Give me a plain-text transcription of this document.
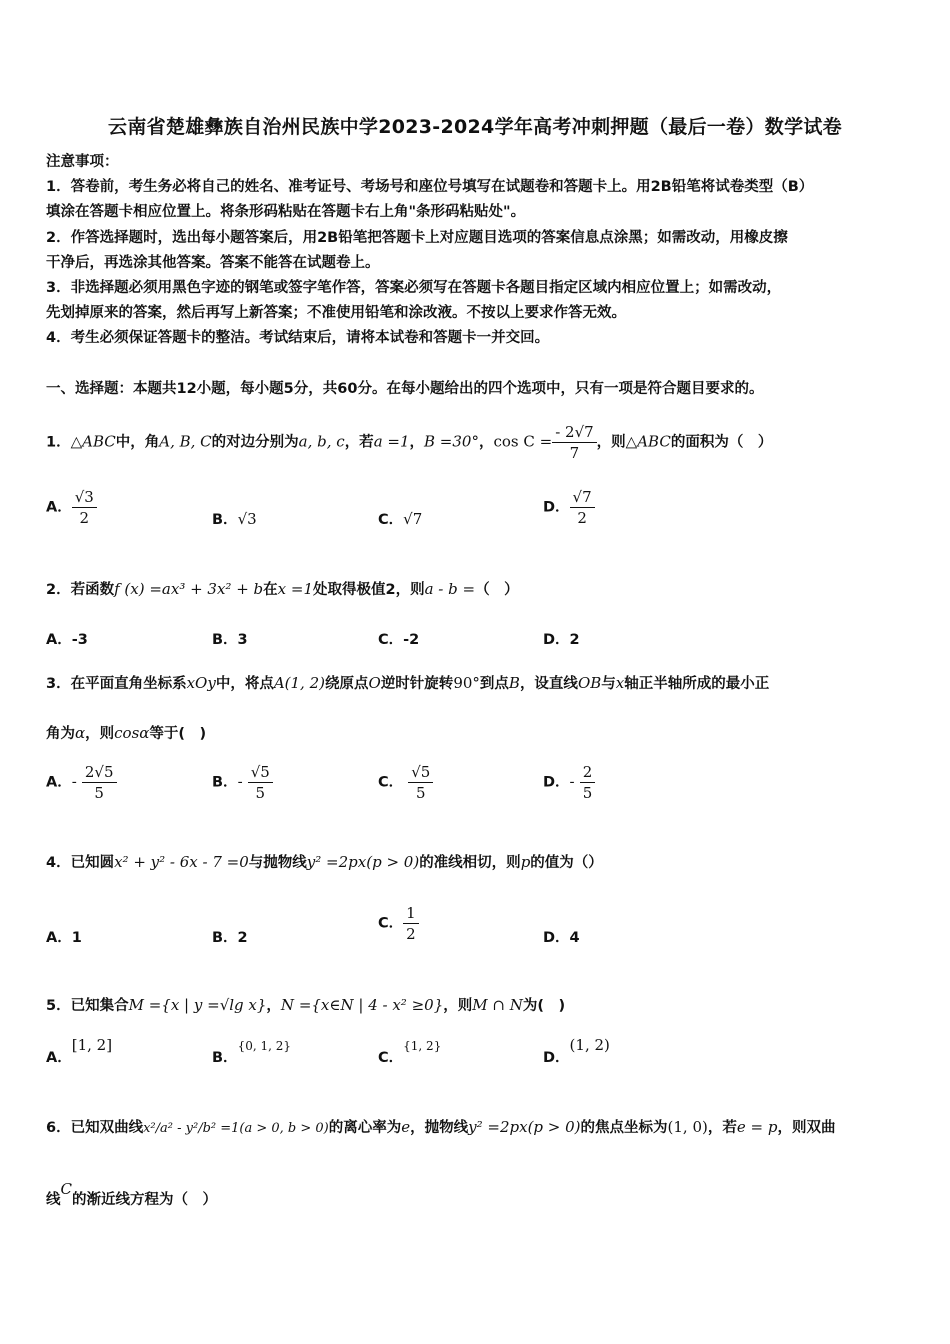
云南省楚雄彝族自治州民族中学2023-2024学年高考冲刺押题（最后一卷）数学试卷
注意事项：
1．答卷前，考生务必将自己的姓名、准考证号、考场号和座位号填写在试题卷和答题卡上。用2B铅笔将试卷类型（B）
填涂在答题卡相应位置上。将条形码粘贴在答题卡右上角"条形码粘贴处"。
2．作答选择题时，选出每小题答案后，用2B铅笔把答题卡上对应题目选项的答案信息点涂黑；如需改动，用橡皮擦
干净后，再选涂其他答案。答案不能答在试题卷上。
3．非选择题必须用黑色字迹的钢笔或签字笔作答，答案必须写在答题卡各题目指定区域内相应位置上；如需改动，
先划掉原来的答案，然后再写上新答案；不准使用铅笔和涂改液。不按以上要求作答无效。
4．考生必须保证答题卡的整洁。考试结束后，请将本试卷和答题卡一并交回。
一、选择题：本题共12小题，每小题5分，共60分。在每小题给出的四个选项中，只有一项是符合题目要求的。
1．△ABC中，角A, B, C的对边分别为a, b, c，若a =1，B =30°，$\cos C = \frac{- 2√7}{7}$ ，则△ABC的面积为（　）
A． $\frac{√3}{2}$	B．√3	C．√7
D． $\frac{√7}{2}$
2．若函数f (x) =ax³ + 3x² + b在x =1处取得极值2，则a - b =（　）
A．-3	B．3	C．-2	D．2
3．在平面直角坐标系xOy中，将点A(1, 2)绕原点O逆时针旋转90°到点B，设直线OB与x轴正半轴所成的最小正
角为α，则cosα等于(　)
A．- $\frac{2√5}{5}$	B．- $\frac{√5}{5}$	C． $\frac{√5}{5}$	D．- $\frac{2}{5}$
4．已知圆x² + y² - 6x - 7 =0与抛物线y² =2px(p > 0)的准线相切，则p的值为（）
A．1	B．2
C． $\frac{1}{2}$	D．4
5．已知集合M ={x | y =√lg x}，N ={x∈N | 4 - x² ≥0}，则M ∩ N为(　)
A．[1, 2]
B．$^{\{0, 1, 2\}}$
C．$^{\{1, 2\}}$
D．(1, 2)
6．已知双曲线x²/a² - y²/b² =1(a > 0, b > 0)的离心率为e，抛物线y² =2px(p > 0)的焦点坐标为(1, 0)，若e = p，则双曲
线C的渐近线方程为（　）
